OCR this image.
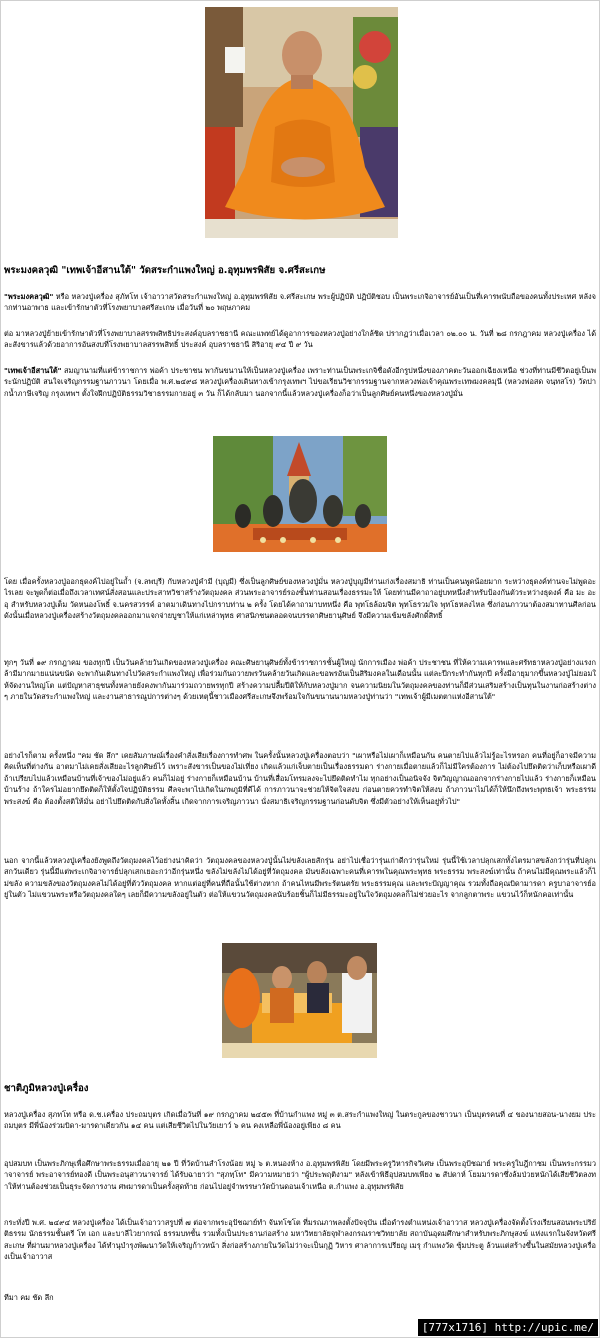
พระมงคลวุฒิ "เทพเจ้าอีสานใต้" วัดสระกำแพงใหญ่ อ.อุทุมพรพิสัย จ.ศรีสะเกษ
"พระมงคลวุฒิ" หรือ หลวงปู่เครื่อง สุภัทโท เจ้าอาวาสวัดสระกำแพงใหญ่ อ.อุทุมพรพิสัย จ.ศรีสะเกษ พระผู้ปฏิบัติ ปฏิบัติชอบ เป็นพระเกจิอาจารย์อันเป็นที่เคารพนับถือของคนทั้งประเทศ หลังจากท่านอาพาธ และเข้ารักษาตัวที่โรงพยาบาลศรีสะเกษ เมื่อวันที่ ๒๐ พฤษภาคม
ต่อ มาหลวงปู่ย้ายเข้ารักษาตัวที่โรงพยาบาลสรรพสิทธิประสงค์อุบลราชธานี คณะแพทย์ได้ดูอาการของหลวงปู่อย่างใกล้ชิด ปรากฏว่าเมื่อเวลา ๐๒.๐๐ น. วันที่ ๒๘ กรกฎาคม หลวงปู่เครื่อง ได้ละสังขารแล้วด้วยอาการอันสงบที่โรงพยาบาลสรรพสิทธิ์ ประสงค์ อุบลราชธานี สิริอายุ ๙๔ ปี ๙ วัน
"เทพเจ้าอีสานใต้" สมญานามที่แต่ข้าราชการ พ่อค้า ประชาชน พากันขนานให้เป็นหลวงปู่เครื่อง เพราะท่านเป็นพระเกจิชื่อดังอีกรูปหนึ่งของภาคตะวันออกเฉียงเหนือ ช่วงที่ท่านมีชีวิตอยู่เป็นพระนักปฏิบัติ สนใจเจริญกรรมฐานภาวนา โดยเมื่อ พ.ศ.๒๔๙๘ หลวงปู่เครื่องเดินทางเข้ากรุงเทพฯ ไปขอเรียนวิชากรรมฐานจากหลวงพ่อเจ้าคุณพระเทพมงคลมุนี (หลวงพ่อสด จนฺทสโร) วัดปากน้ำภาษีเจริญ กรุงเทพฯ ตั้งใจฝึกปฏิบัติธรรมวิชาธรรมกายอยู่ ๓ วัน ก็ได้กลับมา นอกจากนี้แล้วหลวงปู่เครื่องก็อว่าเป็นลูกศิษย์คนหนึ่งของหลวงปู่มั่น
โดย เมื่อครั้งหลวงปู่ออกธุดงค์ไปอยู่ในถ้ำ (จ.ลพบุรี) กับหลวงปู่คำมี (บุญมี) ซึ่งเป็นลูกศิษย์ของหลวงปู่มั่น หลวงปู่บุญมีท่านเก่งเรื่องสมาธิ ท่านเป็นคนพูดน้อยมาก ระหว่างธุดงค์ท่านจะไม่พูดอะไรเลย จะพูดก็ต่อเมื่อถึงเวลาเทศน์สั่งสอนและประสาทวิชาสร้างวัตถุมงคล ส่วนพระอาจารย์รองชั้นท่านสอนเรื่องธรรมะให้ โดยท่านมีคาถาอยู่บทหนึ่งสำหรับป้องกันตัวระหว่างธุดงค์ คือ มะ อะ อุ สำหรับหลวงปู่เต็ม วัดหนองโพธิ์ จ.นครสวรรค์ อาตมาเดินทางไปกราบท่าน ๒ ครั้ง โดยได้คาถามาบทหนึ่ง คือ พุทโธล้อมจิต พุทโธรวมใจ พุทโธหลงไหล ซึ่งก่อนภาวนาต้องสมาทานศีลก่อน ดังนั้นเมื่อหลวงปู่เครื่องสร้างวัตถุมงคลออกมาแจกจ่ายบูชาให้แก่เหล่าพุทธ ศาสนิกชนตลอดจนบรรดาศิษยานุศิษย์ จึงมีความเข้มขลังศักดิ์สิทธิ์
ทุกๆ วันที่ ๑๙ กรกฎาคม ของทุกปี เป็นวันคล้ายวันเกิดของหลวงปู่เครื่อง คณะศิษยานุศิษย์ทั้งข้าราชการชั้นผู้ใหญ่ นักการเมือง พ่อค้า ประชาชน ที่ให้ความเคารพและศรัทธาหลวงปู่อย่างแรงกล้ามีมากมายแน่นขนัด จะพากันเดินทางไปวัดสระกำแพงใหญ่ เพื่อร่วมกันถวายพรวันคล้ายวันเกิดและขอพรอันเป็นสิริมงคลในเดือนนั้น แต่ละปีกระทำกันทุกปี ครั้งมีอายุมากขึ้นหลวงปู่ไม่ยอมให้จัดงานใหญ่โต แต่ปัญหาสาธุชนทั้งหลายยังคงพากันมาร่วมถวายพรทุกปี สร้างความปลื้มปีติให้กับหลวงปู่มาก จนความนิยมในวัตถุมงคลของท่านก็มีส่วนเสริมสร้างเป็นทุนในงานก่อสร้างต่างๆ ภายในวัดสระกำแพงใหญ่ และงานสาธารณูปการต่างๆ ด้วยเหตุนี้ชาวเมืองศรีสะเกษจึงพร้อมใจกันขนานนามหลวงปู่ท่านว่า "เทพเจ้าผู้มีเมตตาแห่งอีสานใต้"
อย่างไรก็ตาม ครั้งหนึ่ง "คม ชัด ลึก" เคยสัมภาษณ์เรื่องคำสั่งเสียเรื่องการทำศพ ในครั้งนั้นหลวงปู่เครื่องตอบว่า "เผาหรือไม่เผาก็เหมือนกัน คนตายไปแล้วไม่รู้อะไรหรอก คนที่อยู่ก็อาจมีความคิดเห็นที่ต่างกัน อาตมาไม่เคยสั่งเสียอะไรลูกศิษย์ไว้ เพราะสังขารเป็นของไม่เที่ยง เกิดแล้วแก่เจ็บตายเป็นเรื่องธรรมดา ร่างกายเมื่อตายแล้วก็ไม่มีใครต้องการ ไม่ต้องไปยึดติดว่าเก็บหรือเผาดี ถ้าเปรียบไปแล้วเหมือนบ้านที่เจ้าของไม่อยู่แล้ว คนก็ไม่อยู่ ร่างกายก็เหมือนบ้าน บ้านที่เสื่อมโทรมลงจะไปยึดติดทำไม ทุกอย่างเป็นอนิจจัง จิตวิญญาณออกจากร่างกายไปแล้ว ร่างกายก็เหมือนบ้านร้าง ถ้าใครไม่อยากยึดติดก็ให้ตั้งใจปฏิบัติธรรม ศีลจะพาไปเกิดในภพภูมิที่ดีได้ การภาวนาจะช่วยให้จิตใจสงบ ก่อนตายควรทำจิตให้สงบ ถ้าภาวนาไม่ได้ก็ให้นึกถึงพระพุทธเจ้า พระธรรม พระสงฆ์ คือ ต้องตั้งสติให้มั่น อย่าไปยึดติดกับสิ่งใดทั้งสิ้น เกิดจากการเจริญภาวนา นั่งสมาธิเจริญกรรมฐานก่อนดับจิต ซึ่งมีตัวอย่างให้เห็นอยู่ทั่วไป"
นอก จากนี้แล้วหลวงปู่เครื่องยังพูดถึงวัตถุมงคลไว้อย่างน่าคิดว่า วัตถุมงคลของหลวงปู่นั้นไม่ขลังเลยสักรุ่น อย่าไปเชื่อว่ารุ่นเก่าดีกว่ารุ่นใหม่ รุ่นนี้ใช้เวลาปลุกเสกทั้งไตรมาสขลังกว่ารุ่นที่ปลุกเสกวันเดียว รุ่นนี้มีแต่พระเกจิอาจารย์ปลุกเสกเยอะกว่าอีกรุ่นหนึ่ง ขลังไม่ขลังไม่ได้อยู่ที่วัตถุมงคล มันขลังเฉพาะคนที่เคารพในคุณพระพุทธ พระธรรม พระสงฆ์เท่านั้น ถ้าคนไม่มีคุณพระแล้วก็ไม่ขลัง ความขลังของวัตถุมงคลไม่ได้อยู่ที่ตัววัตถุมงคล หากแต่อยู่ที่คนที่ถือนั้นใช้ต่างหาก ถ้าคนไหนมีพระรัตนตรัย พระธรรมคุณ และพระปัญญาคุณ รวมทั้งถือคุณบิดามารดา ครูบาอาจารย์อยู่ในตัว ไม่แขวนพระหรือวัตถุมงคลใดๆ เลยก็มีความขลังอยู่ในตัว ต่อให้แขวนวัตถุมงคลนับร้อยชิ้นก็ไม่มีธรรมะอยู่ในใจวัตถุมงคลก็ไม่ช่วยอะไร จากลูกตาพระ แขวนไว้ก็หนักคอเท่านั้น
ชาติภูมิหลวงปู่เครื่อง
หลวงปู่เครื่อง สุภทโท หรือ ด.ช.เครื่อง ประถมบุตร เกิดเมื่อวันที่ ๑๙ กรกฎาคม ๒๔๕๓ ที่บ้านกำแพง หมู่ ๓ ต.สระกำแพงใหญ่ ในตระกูลของชาวนา เป็นบุตรคนที่ ๔ ของนายสอน-นางยม ประถมบุตร มีพี่น้องร่วมบิดา-มารดาเดียวกัน ๑๔ คน แต่เสียชีวิตไปในวัยเยาว์ ๖ คน คงเหลือพี่น้องอยู่เพียง ๘ คน
อุปสมบท เป็นพระภิกษุเพื่อศึกษาพระธรรมเมื่ออายุ ๒๑ ปี ที่วัดบ้านสำโรงน้อย หมู่ ๖ ต.หนองห้าง อ.อุทุมพรพิสัย โดยมีพระครูวิหารกิจวิเศษ เป็นพระอุปัชฌาย์ พระครูใบฎีกาชม เป็นพระกรรมวาจาจารย์ พระอาจารย์ทองดี เป็นพระอนุสาวนาจารย์ ได้รับฉายาว่า "สุภทฺโท" มีความหมายว่า "ผู้ประพฤติงาม" หลังเข้าพิธีอุปสมบทเพียง ๒ สัปดาห์ โยมมารดาซึ่งล้มป่วยหนักได้เสียชีวิตลงทำให้ท่านต้องช่วยเป็นธุระจัดการงาน ศพมารดาเป็นครั้งสุดท้าย ก่อนไปอยู่จำพรรษาวัดบ้านดอนเจ้าเหนือ ต.กำแพง อ.อุทุมพรพิสัย
กระทั่งปี พ.ศ. ๒๔๙๔ หลวงปู่เครื่อง ได้เป็นเจ้าอาวาสรูปที่ ๗ ต่อจากพระอุปัชฌาย์ทำ จันทโชโต ที่มรณภาพลงตั้งปัจจุบัน เมื่อดำรงตำแหน่งเจ้าอาวาส หลวงปู่เครื่องจัดตั้งโรงเรียนสอนพระปริยัติธรรม นักธรรมชั้นตรี โท เอก และบาลีไวยากรณ์ ธรรมบทชั้น รวมทั้งเป็นประธานก่อสร้าง มหาวิทยาลัยจุฬาลงกรณราชวิทยาลัย สถาบันอุดมศึกษาสำหรับพระภิกษุสงฆ์ แห่งแรกในจังหวัดศรีสะเกษ ที่ผ่านมาหลวงปู่เครื่อง ได้ทำนุบำรุงพัฒนาวัดให้เจริญก้าวหน้า สิ่งก่อสร้างภายในวัดไม่ว่าจะเป็นกุฏิ วิหาร ศาลาการเปรียญ เมรุ กำแพงวัด ซุ้มประตู ล้วนแต่สร้างขึ้นในสมัยหลวงปู่เครื่องเป็นเจ้าอาวาส
ทีมา คม ชัด ลึก
[777x1716] http://upic.me/
